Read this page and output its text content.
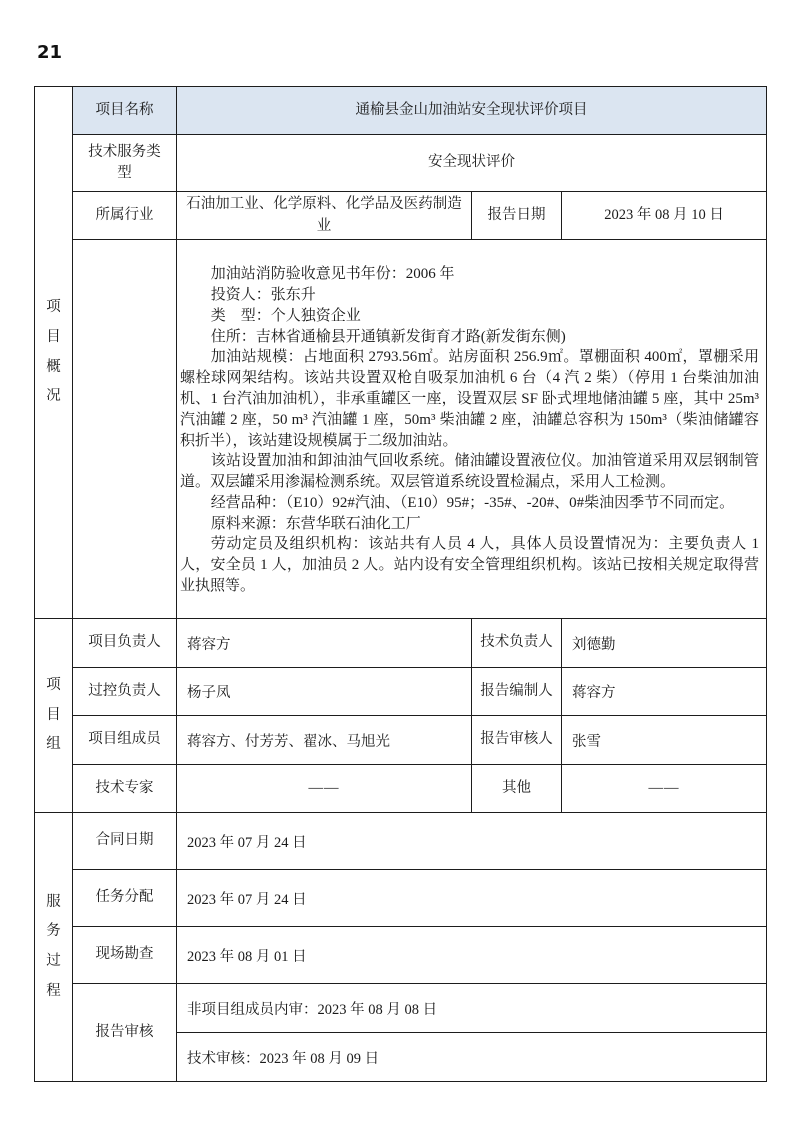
21
项目概况	项目名称	通榆县金山加油站安全现状评价项目		
	技术服务类型	安全现状评价		
	所属行业	石油加工业、化学原料、化学品及医药制造业	报告日期	2023 年 08 月 10 日

加油站消防验收意见书年份：2006 年

投资人：张东升

类　型：个人独资企业

住所：吉林省通榆县开通镇新发街育才路(新发街东侧)

加油站规模：占地面积 2793.56㎡。站房面积 256.9㎡。罩棚面积 400㎡，罩棚采用螺栓球网架结构。该站共设置双枪自吸泵加油机 6 台（4 汽 2 柴）（停用 1 台柴油加油机、1 台汽油加油机），非承重罐区一座，设置双层 SF 卧式埋地储油罐 5 座，其中 25m³ 汽油罐 2 座，50 m³ 汽油罐 1 座，50m³ 柴油罐 2 座，油罐总容积为 150m³（柴油储罐容积折半），该站建设规模属于二级加油站。

该站设置加油和卸油油气回收系统。储油罐设置液位仪。加油管道采用双层钢制管道。双层罐采用渗漏检测系统。双层管道系统设置检漏点，采用人工检测。

经营品种：（E10）92#汽油、（E10）95#；-35#、-20#、0#柴油因季节不同而定。

原料来源：东营华联石油化工厂

劳动定员及组织机构：该站共有人员 4 人，具体人员设置情况为：主要负责人 1 人，安全员 1 人，加油员 2 人。站内设有安全管理组织机构。该站已按相关规定取得营业执照等。

项目组	项目负责人	蒋容方	技术负责人	刘德勤
	过控负责人	杨子凤	报告编制人	蒋容方
	项目组成员	蒋容方、付芳芳、翟冰、马旭光	报告审核人	张雪
	技术专家	——	其他	——

服务过程	合同日期	2023 年 07 月 24 日		
	任务分配	2023 年 07 月 24 日		
	现场勘查	2023 年 08 月 01 日		
	报告审核	非项目组成员内审：2023 年 08 月 08 日
技术审核：2023 年 08 月 09 日		
